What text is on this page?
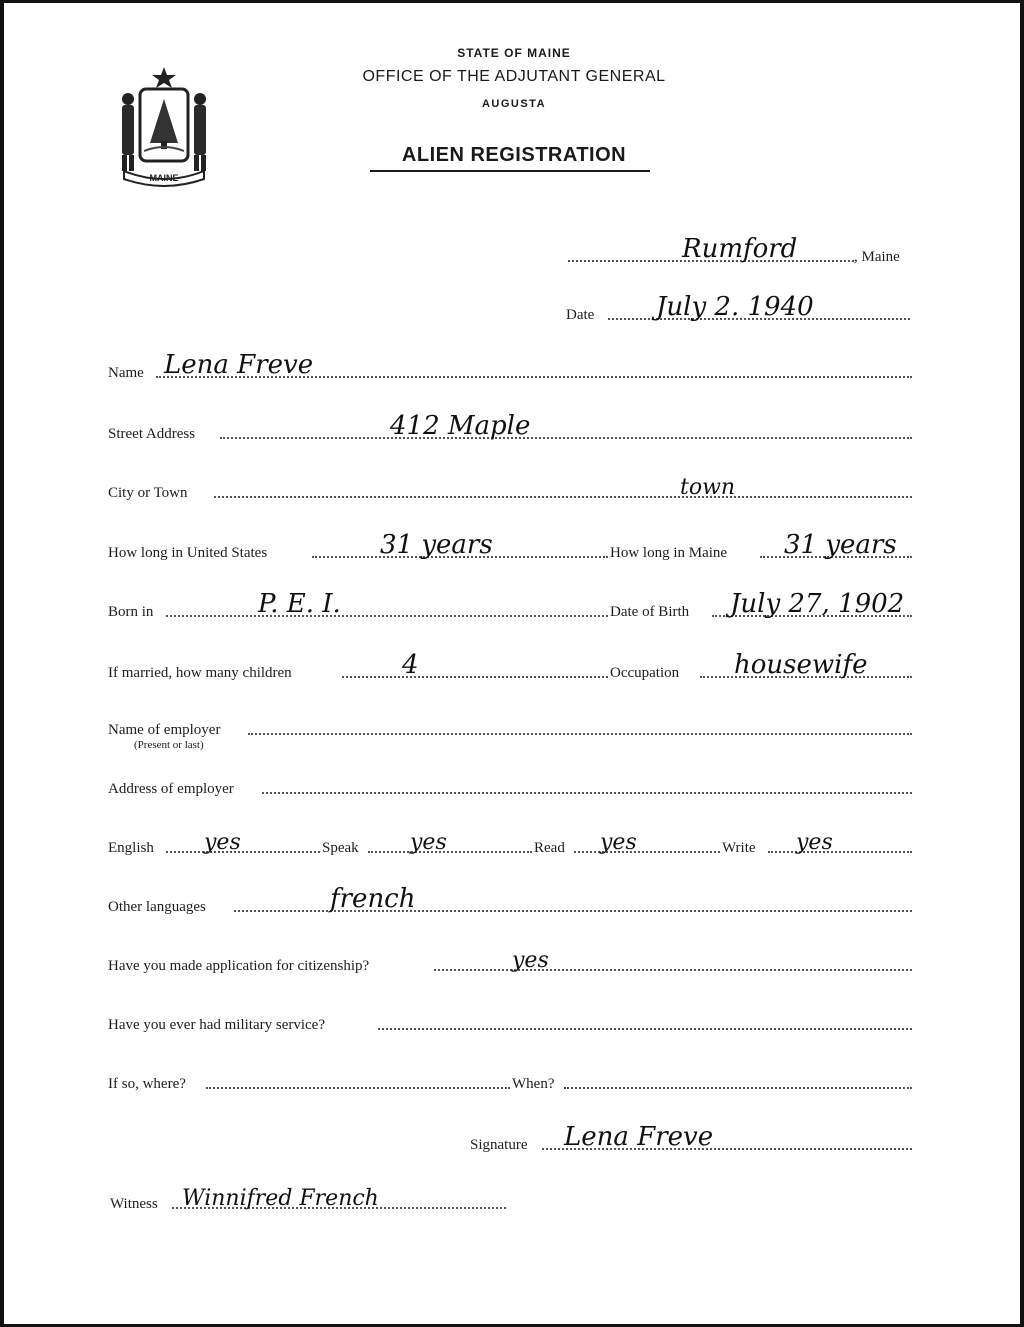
MAINE
STATE OF MAINE
OFFICE OF THE ADJUTANT GENERAL
AUGUSTA
ALIEN REGISTRATION
Rumford	, Maine
Date July 2. 1940
Name Lena Freve
Street Address	412 Maple
City or Town	town
How long in United States	31 years	How long in Maine 31 years
Born in	P. E. I.	Date of Birth July 27, 1902
If married, how many children	4	Occupation housewife
Name of employer
(Present or last)
Address of employer
English yes	Speak yes	Read yes	Write yes
Other languages	french
Have you made application for citizenship?	yes
Have you ever had military service?
If so, where?	When?
Signature Lena Freve
Witness Winnifred French
